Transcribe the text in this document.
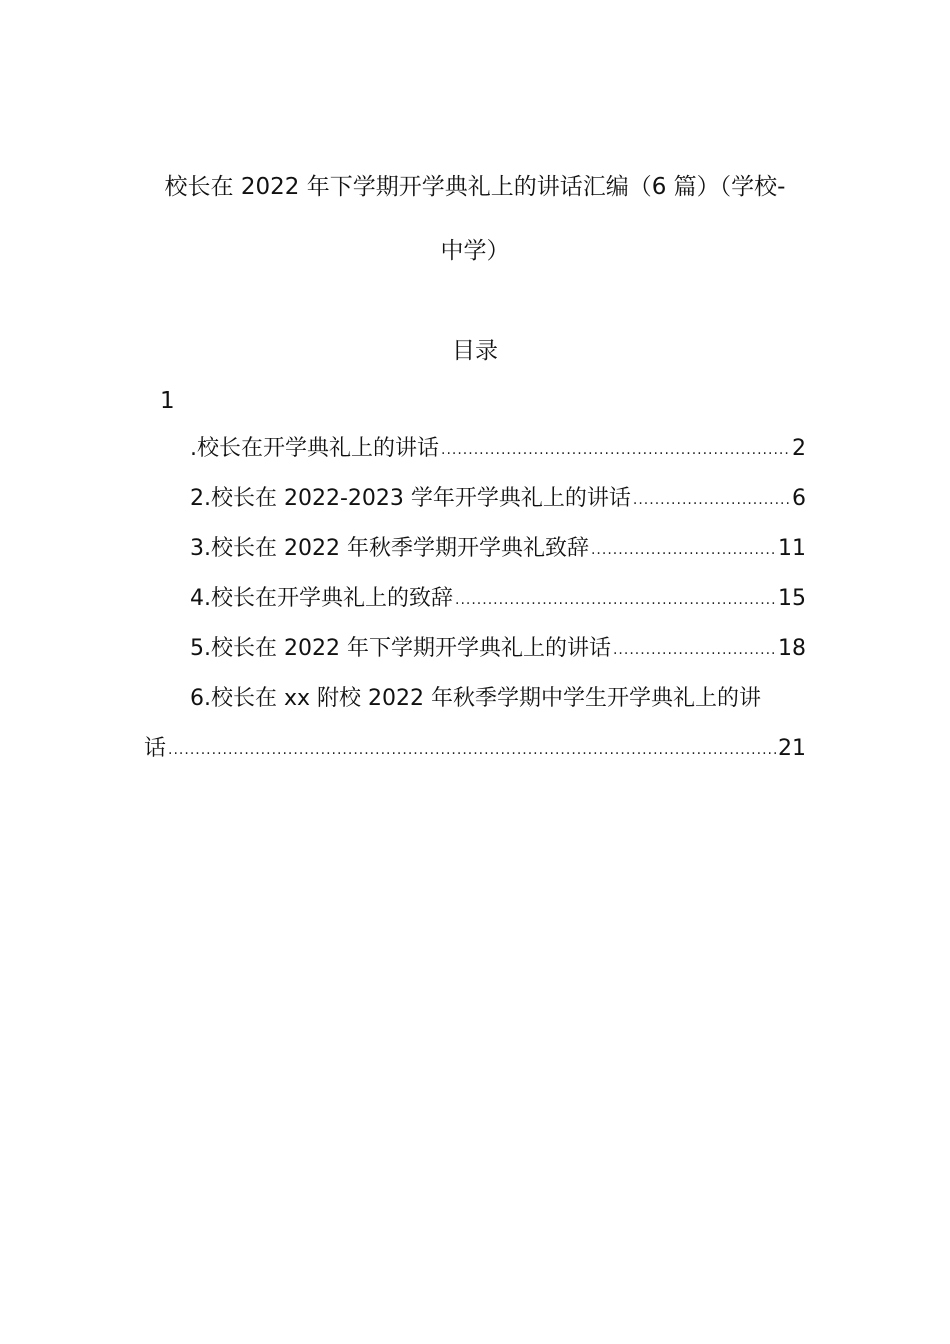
校长在 2022 年下学期开学典礼上的讲话汇编（6 篇）（学校-
中学）
目录
1
.校长在开学典礼上的讲话 .....	2
2.校长在 2022-2023 学年开学典礼上的讲话 .....	6
3.校长在 2022 年秋季学期开学典礼致辞 .....	11
4.校长在开学典礼上的致辞 .....	15
5.校长在 2022 年下学期开学典礼上的讲话 .....	18
6.校长在 xx 附校 2022 年秋季学期中学生开学典礼上的讲
话 .....	21
